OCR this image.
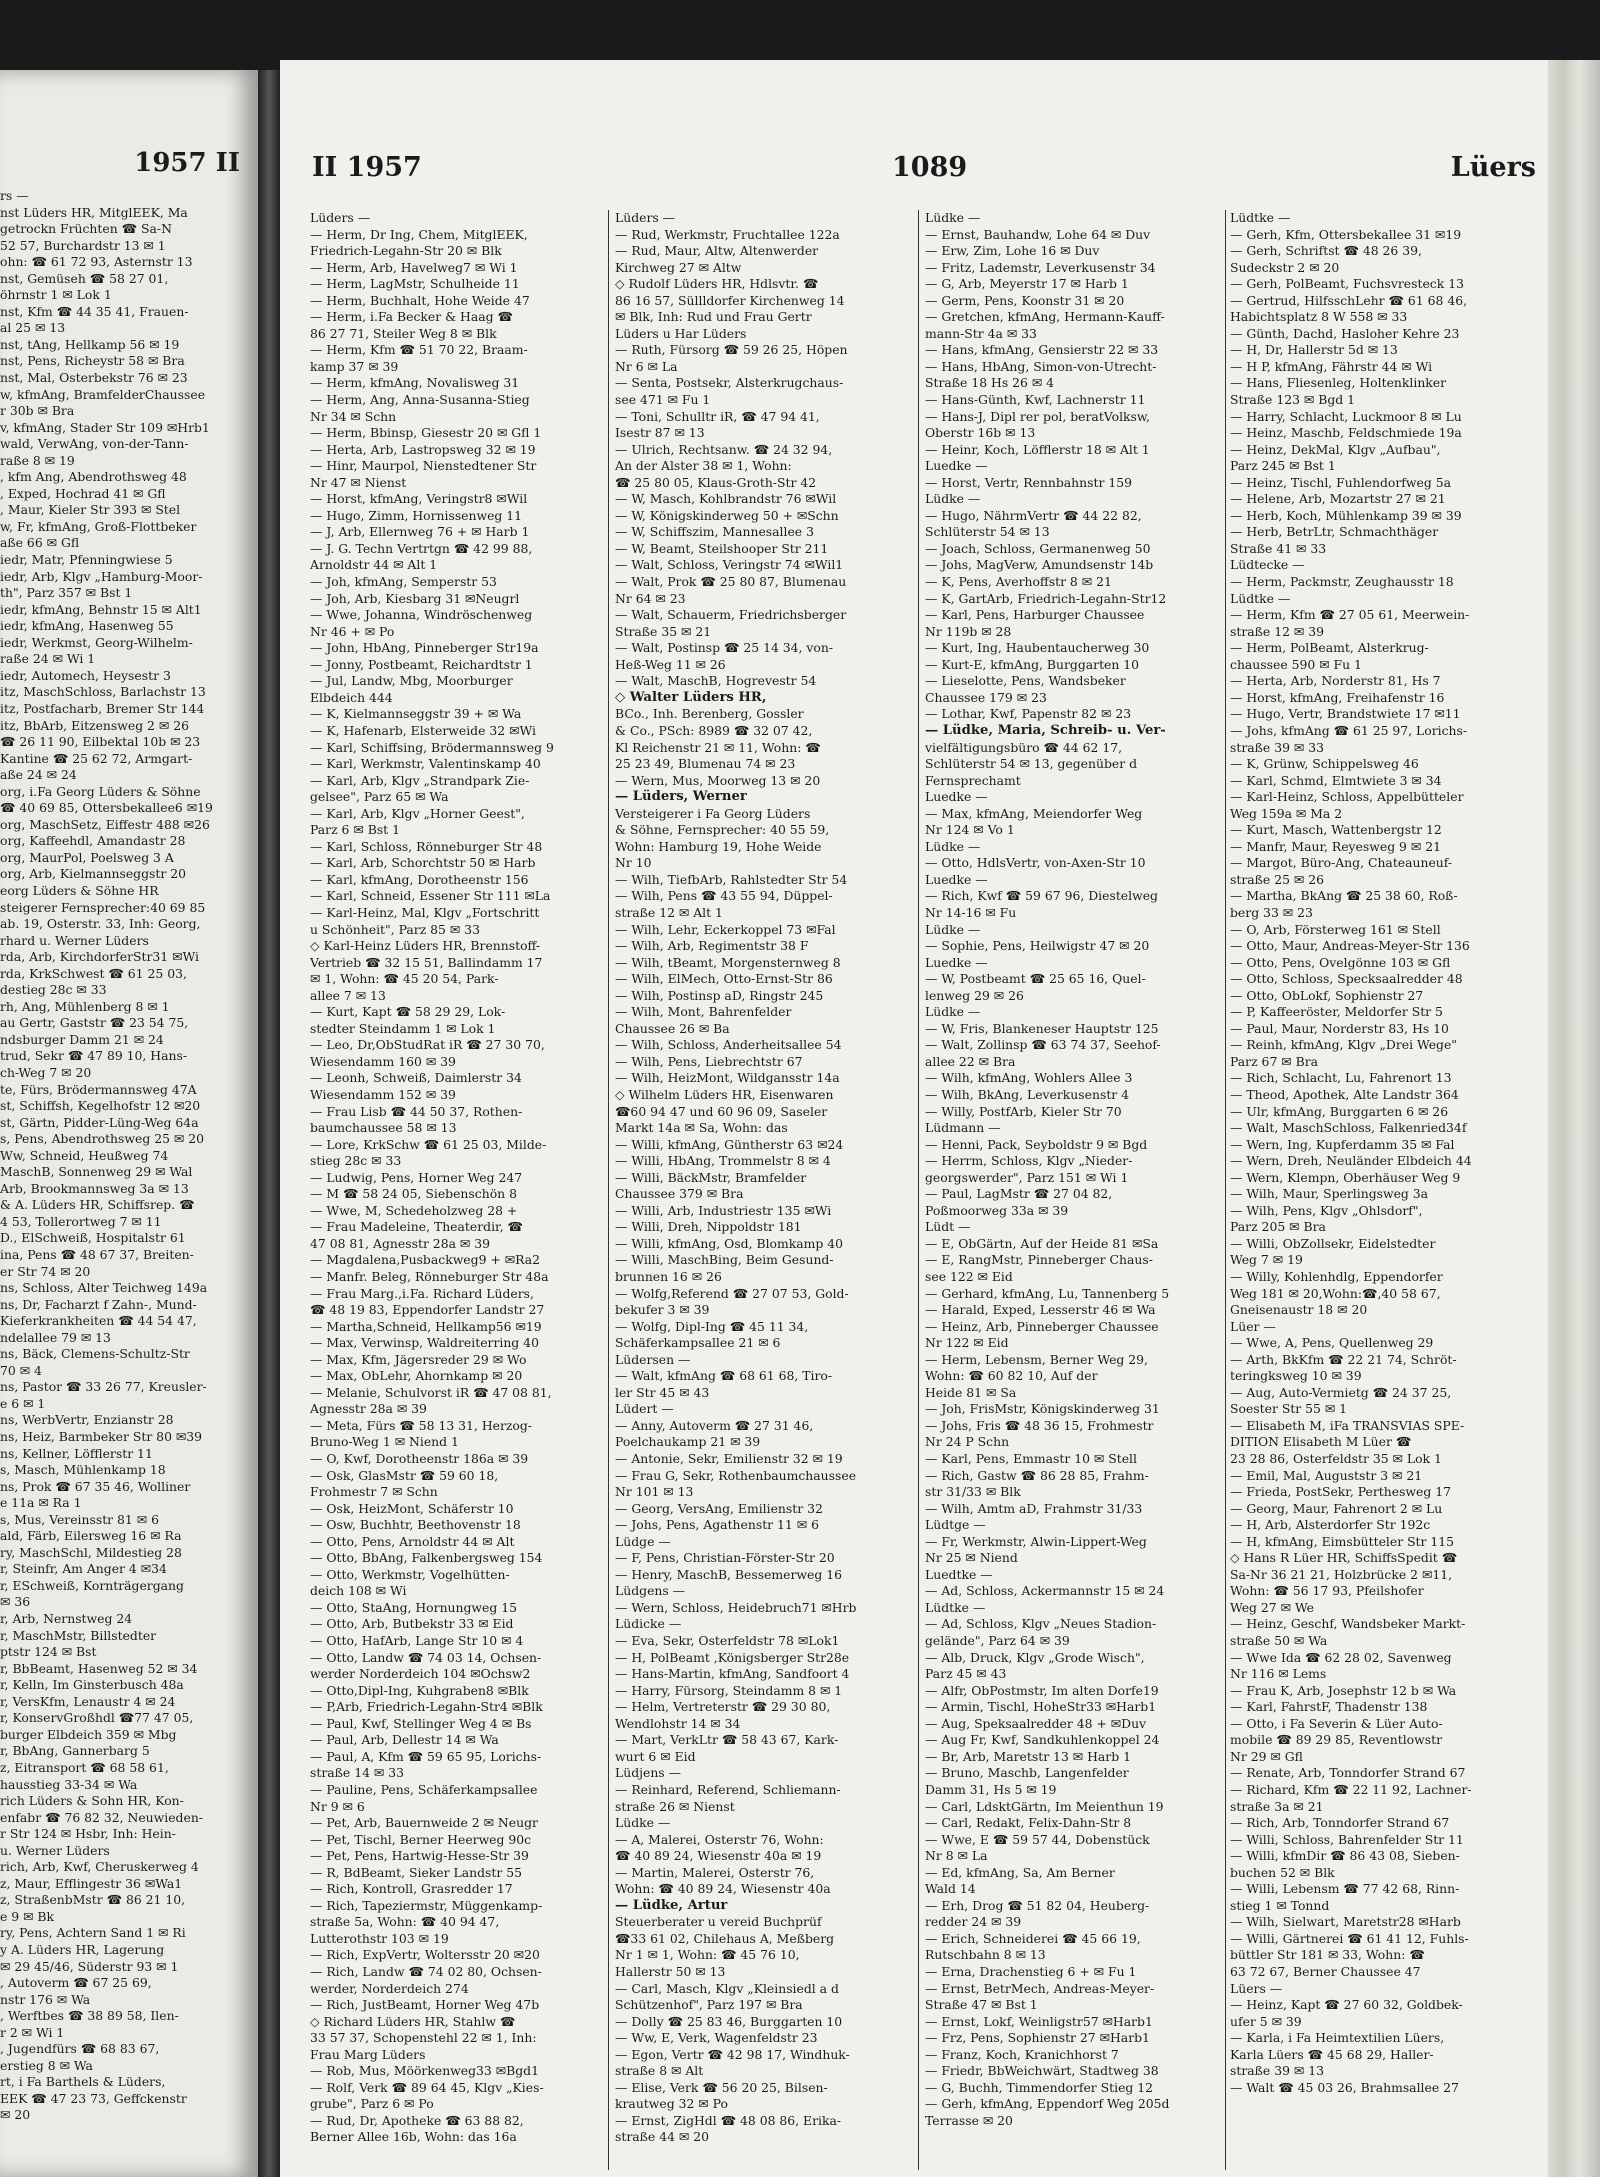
1957 II
rs —
nst Lüders HR, MitglEEK, Ma
getrockn Früchten ☎ Sa-N
52 57, Burchardstr 13 ✉ 1
ohn: ☎ 61 72 93, Asternstr 13
nst, Gemüseh ☎ 58 27 01,
öhrnstr 1 ✉ Lok 1
nst, Kfm ☎ 44 35 41, Frauen-
al 25 ✉ 13
nst, tAng, Hellkamp 56 ✉ 19
nst, Pens, Richeystr 58 ✉ Bra
nst, Mal, Osterbekstr 76 ✉ 23
w, kfmAng, BramfelderChaussee
r 30b ✉ Bra
v, kfmAng, Stader Str 109 ✉Hrb1
wald, VerwAng, von-der-Tann-
raße 8 ✉ 19
, kfm Ang, Abendrothsweg 48
, Exped, Hochrad 41 ✉ Gfl
, Maur, Kieler Str 393 ✉ Stel
w, Fr, kfmAng, Groß-Flottbeker
aße 66 ✉ Gfl
iedr, Matr, Pfenningwiese 5
iedr, Arb, Klgv „Hamburg-Moor-
th", Parz 357 ✉ Bst 1
iedr, kfmAng, Behnstr 15 ✉ Alt1
iedr, kfmAng, Hasenweg 55
iedr, Werkmst, Georg-Wilhelm-
raße 24 ✉ Wi 1
iedr, Automech, Heysestr 3
itz, MaschSchloss, Barlachstr 13
itz, Postfacharb, Bremer Str 144
itz, BbArb, Eitzensweg 2 ✉ 26
☎ 26 11 90, Eilbektal 10b ✉ 23
Kantine ☎ 25 62 72, Armgart-
aße 24 ✉ 24
org, i.Fa Georg Lüders & Söhne
☎ 40 69 85, Ottersbekallee6 ✉19
org, MaschSetz, Eiffestr 488 ✉26
org, Kaffeehdl, Amandastr 28
org, MaurPol, Poelsweg 3 A
org, Arb, Kielmannseggstr 20
eorg Lüders & Söhne HR
steigerer Fernsprecher:40 69 85
ab. 19, Osterstr. 33, Inh: Georg,
rhard u. Werner Lüders
rda, Arb, KirchdorferStr31 ✉Wi
rda, KrkSchwest ☎ 61 25 03,
destieg 28c ✉ 33
rh, Ang, Mühlenberg 8 ✉ 1
au Gertr, Gaststr ☎ 23 54 75,
ndsburger Damm 21 ✉ 24
trud, Sekr ☎ 47 89 10, Hans-
ch-Weg 7 ✉ 20
te, Fürs, Brödermannsweg 47A
st, Schiffsh, Kegelhofstr 12 ✉20
st, Gärtn, Pidder-Lüng-Weg 64a
s, Pens, Abendrothsweg 25 ✉ 20
Ww, Schneid, Heußweg 74
MaschB, Sonnenweg 29 ✉ Wal
Arb, Brookmannsweg 3a ✉ 13
& A. Lüders HR, Schiffsrep. ☎
4 53, Tollerortweg 7 ✉ 11
D., ElSchweiß, Hospitalstr 61
ina, Pens ☎ 48 67 37, Breiten-
er Str 74 ✉ 20
ns, Schloss, Alter Teichweg 149a
ns, Dr, Facharzt f Zahn-, Mund-
Kieferkrankheiten ☎ 44 54 47,
ndelallee 79 ✉ 13
ns, Bäck, Clemens-Schultz-Str
70 ✉ 4
ns, Pastor ☎ 33 26 77, Kreusler-
e 6 ✉ 1
ns, WerbVertr, Enzianstr 28
ns, Heiz, Barmbeker Str 80 ✉39
ns, Kellner, Löfflerstr 11
s, Masch, Mühlenkamp 18
ns, Prok ☎ 67 35 46, Wolliner
e 11a ✉ Ra 1
s, Mus, Vereinsstr 81 ✉ 6
ald, Färb, Eilersweg 16 ✉ Ra
ry, MaschSchl, Mildestieg 28
r, Steinfr, Am Anger 4 ✉34
r, ESchweiß, Kornträgergang
✉ 36
r, Arb, Nernstweg 24
r, MaschMstr, Billstedter
ptstr 124 ✉ Bst
r, BbBeamt, Hasenweg 52 ✉ 34
r, Kelln, Im Ginsterbusch 48a
r, VersKfm, Lenaustr 4 ✉ 24
r, KonservGroßhdl ☎77 47 05,
burger Elbdeich 359 ✉ Mbg
r, BbAng, Gannerbarg 5
z, Eitransport ☎ 68 58 61,
hausstieg 33-34 ✉ Wa
rich Lüders & Sohn HR, Kon-
enfabr ☎ 76 82 32, Neuwieden-
r Str 124 ✉ Hsbr, Inh: Hein-
u. Werner Lüders
rich, Arb, Kwf, Cheruskerweg 4
z, Maur, Efflingestr 36 ✉Wa1
z, StraßenbMstr ☎ 86 21 10,
e 9 ✉ Bk
ry, Pens, Achtern Sand 1 ✉ Ri
y A. Lüders HR, Lagerung
✉ 29 45/46, Süderstr 93 ✉ 1
, Autoverm ☎ 67 25 69,
nstr 176 ✉ Wa
, Werftbes ☎ 38 89 58, Ilen-
r 2 ✉ Wi 1
, Jugendfürs ☎ 68 83 67,
erstieg 8 ✉ Wa
rt, i Fa Barthels & Lüders,
EEK ☎ 47 23 73, Geffckenstr
✉ 20
II 1957	1089	Lüers
Lüders —
— Herm, Dr Ing, Chem, MitglEEK,
Friedrich-Legahn-Str 20 ✉ Blk
— Herm, Arb, Havelweg7 ✉ Wi 1
— Herm, LagMstr, Schulheide 11
— Herm, Buchhalt, Hohe Weide 47
— Herm, i.Fa Becker & Haag ☎
86 27 71, Steiler Weg 8 ✉ Blk
— Herm, Kfm ☎ 51 70 22, Braam-
kamp 37 ✉ 39
— Herm, kfmAng, Novalisweg 31
— Herm, Ang, Anna-Susanna-Stieg
Nr 34 ✉ Schn
— Herm, Bbinsp, Giesestr 20 ✉ Gfl 1
— Herta, Arb, Lastropsweg 32 ✉ 19
— Hinr, Maurpol, Nienstedtener Str
Nr 47 ✉ Nienst
— Horst, kfmAng, Veringstr8 ✉Wil
— Hugo, Zimm, Hornissenweg 11
— J, Arb, Ellernweg 76 + ✉ Harb 1
— J. G. Techn Vertrtgn ☎ 42 99 88,
Arnoldstr 44 ✉ Alt 1
— Joh, kfmAng, Semperstr 53
— Joh, Arb, Kiesbarg 31 ✉Neugrl
— Wwe, Johanna, Windröschenweg
Nr 46 + ✉ Po
— John, HbAng, Pinneberger Str19a
— Jonny, Postbeamt, Reichardtstr 1
— Jul, Landw, Mbg, Moorburger
Elbdeich 444
— K, Kielmannseggstr 39 + ✉ Wa
— K, Hafenarb, Elsterweide 32 ✉Wi
— Karl, Schiffsing, Brödermannsweg 9
— Karl, Werkmstr, Valentinskamp 40
— Karl, Arb, Klgv „Strandpark Zie-
gelsee", Parz 65 ✉ Wa
— Karl, Arb, Klgv „Horner Geest",
Parz 6 ✉ Bst 1
— Karl, Schloss, Rönneburger Str 48
— Karl, Arb, Schorchtstr 50 ✉ Harb
— Karl, kfmAng, Dorotheenstr 156
— Karl, Schneid, Essener Str 111 ✉La
— Karl-Heinz, Mal, Klgv „Fortschritt
u Schönheit", Parz 85 ✉ 33
◇ Karl-Heinz Lüders HR, Brennstoff-
Vertrieb ☎ 32 15 51, Ballindamm 17
✉ 1, Wohn: ☎ 45 20 54, Park-
allee 7 ✉ 13
— Kurt, Kapt ☎ 58 29 29, Lok-
stedter Steindamm 1 ✉ Lok 1
— Leo, Dr,ObStudRat iR ☎ 27 30 70,
Wiesendamm 160 ✉ 39
— Leonh, Schweiß, Daimlerstr 34
Wiesendamm 152 ✉ 39
— Frau Lisb ☎ 44 50 37, Rothen-
baumchaussee 58 ✉ 13
— Lore, KrkSchw ☎ 61 25 03, Milde-
stieg 28c ✉ 33
— Ludwig, Pens, Horner Weg 247
— M ☎ 58 24 05, Siebenschön 8
— Wwe, M, Schedeholzweg 28 +
— Frau Madeleine, Theaterdir, ☎
47 08 81, Agnesstr 28a ✉ 39
— Magdalena,Pusbackweg9 + ✉Ra2
— Manfr. Beleg, Rönneburger Str 48a
— Frau Marg.,i.Fa. Richard Lüders,
☎ 48 19 83, Eppendorfer Landstr 27
— Martha,Schneid, Hellkamp56 ✉19
— Max, Verwinsp, Waldreiterring 40
— Max, Kfm, Jägersreder 29 ✉ Wo
— Max, ObLehr, Ahornkamp ✉ 20
— Melanie, Schulvorst iR ☎ 47 08 81,
Agnesstr 28a ✉ 39
— Meta, Fürs ☎ 58 13 31, Herzog-
Bruno-Weg 1 ✉ Niend 1
— O, Kwf, Dorotheenstr 186a ✉ 39
— Osk, GlasMstr ☎ 59 60 18,
Frohmestr 7 ✉ Schn
— Osk, HeizMont, Schäferstr 10
— Osw, Buchhtr, Beethovenstr 18
— Otto, Pens, Arnoldstr 44 ✉ Alt
— Otto, BbAng, Falkenbergsweg 154
— Otto, Werkmstr, Vogelhütten-
deich 108 ✉ Wi
— Otto, StaAng, Hornungweg 15
— Otto, Arb, Butbekstr 33 ✉ Eid
— Otto, HafArb, Lange Str 10 ✉ 4
— Otto, Landw ☎ 74 03 14, Ochsen-
werder Norderdeich 104 ✉Ochsw2
— Otto,Dipl-Ing, Kuhgraben8 ✉Blk
— P,Arb, Friedrich-Legahn-Str4 ✉Blk
— Paul, Kwf, Stellinger Weg 4 ✉ Bs
— Paul, Arb, Dellestr 14 ✉ Wa
— Paul, A, Kfm ☎ 59 65 95, Lorichs-
straße 14 ✉ 33
— Pauline, Pens, Schäferkampsallee
Nr 9 ✉ 6
— Pet, Arb, Bauernweide 2 ✉ Neugr
— Pet, Tischl, Berner Heerweg 90c
— Pet, Pens, Hartwig-Hesse-Str 39
— R, BdBeamt, Sieker Landstr 55
— Rich, Kontroll, Grasredder 17
— Rich, Tapeziermstr, Müggenkamp-
straße 5a, Wohn: ☎ 40 94 47,
Lutterothstr 103 ✉ 19
— Rich, ExpVertr, Woltersstr 20 ✉20
— Rich, Landw ☎ 74 02 80, Ochsen-
werder, Norderdeich 274
— Rich, JustBeamt, Horner Weg 47b
◇ Richard Lüders HR, Stahlw ☎
33 57 37, Schopenstehl 22 ✉ 1, Inh:
Frau Marg Lüders
— Rob, Mus, Möörkenweg33 ✉Bgd1
— Rolf, Verk ☎ 89 64 45, Klgv „Kies-
grube", Parz 6 ✉ Po
— Rud, Dr, Apotheke ☎ 63 88 82,
Berner Allee 16b, Wohn: das 16a
Lüders —
— Rud, Werkmstr, Fruchtallee 122a
— Rud, Maur, Altw, Altenwerder
Kirchweg 27 ✉ Altw
◇ Rudolf Lüders HR, Hdlsvtr. ☎
86 16 57, Süllldorfer Kirchenweg 14
✉ Blk, Inh: Rud und Frau Gertr
Lüders u Har Lüders
— Ruth, Fürsorg ☎ 59 26 25, Höpen
Nr 6 ✉ La
— Senta, Postsekr, Alsterkrugchaus-
see 471 ✉ Fu 1
— Toni, Schulltr iR, ☎ 47 94 41,
Isestr 87 ✉ 13
— Ulrich, Rechtsanw. ☎ 24 32 94,
An der Alster 38 ✉ 1, Wohn:
☎ 25 80 05, Klaus-Groth-Str 42
— W, Masch, Kohlbrandstr 76 ✉Wil
— W, Königskinderweg 50 + ✉Schn
— W, Schiffszim, Mannesallee 3
— W, Beamt, Steilshooper Str 211
— Walt, Schloss, Veringstr 74 ✉Wil1
— Walt, Prok ☎ 25 80 87, Blumenau
Nr 64 ✉ 23
— Walt, Schauerm, Friedrichsberger
Straße 35 ✉ 21
— Walt, Postinsp ☎ 25 14 34, von-
Heß-Weg 11 ✉ 26
— Walt, MaschB, Hogrevestr 54
◇ Walter Lüders HR,
BCo., Inh. Berenberg, Gossler
& Co., PSch: 8989 ☎ 32 07 42,
Kl Reichenstr 21 ✉ 11, Wohn: ☎
25 23 49, Blumenau 74 ✉ 23
— Wern, Mus, Moorweg 13 ✉ 20
— Lüders, Werner
Versteigerer i Fa Georg Lüders
& Söhne, Fernsprecher: 40 55 59,
Wohn: Hamburg 19, Hohe Weide
Nr 10
— Wilh, TiefbArb, Rahlstedter Str 54
— Wilh, Pens ☎ 43 55 94, Düppel-
straße 12 ✉ Alt 1
— Wilh, Lehr, Eckerkoppel 73 ✉Fal
— Wilh, Arb, Regimentstr 38 F
— Wilh, tBeamt, Morgensternweg 8
— Wilh, ElMech, Otto-Ernst-Str 86
— Wilh, Postinsp aD, Ringstr 245
— Wilh, Mont, Bahrenfelder
Chaussee 26 ✉ Ba
— Wilh, Schloss, Anderheitsallee 54
— Wilh, Pens, Liebrechtstr 67
— Wilh, HeizMont, Wildgansstr 14a
◇ Wilhelm Lüders HR, Eisenwaren
☎60 94 47 und 60 96 09, Saseler
Markt 14a ✉ Sa, Wohn: das
— Willi, kfmAng, Güntherstr 63 ✉24
— Willi, HbAng, Trommelstr 8 ✉ 4
— Willi, BäckMstr, Bramfelder
Chaussee 379 ✉ Bra
— Willi, Arb, Industriestr 135 ✉Wi
— Willi, Dreh, Nippoldstr 181
— Willi, kfmAng, Osd, Blomkamp 40
— Willi, MaschBing, Beim Gesund-
brunnen 16 ✉ 26
— Wolfg,Referend ☎ 27 07 53, Gold-
bekufer 3 ✉ 39
— Wolfg, Dipl-Ing ☎ 45 11 34,
Schäferkampsallee 21 ✉ 6
Lüdersen —
— Walt, kfmAng ☎ 68 61 68, Tiro-
ler Str 45 ✉ 43
Lüdert —
— Anny, Autoverm ☎ 27 31 46,
Poelchaukamp 21 ✉ 39
— Antonie, Sekr, Emilienstr 32 ✉ 19
— Frau G, Sekr, Rothenbaumchaussee
Nr 101 ✉ 13
— Georg, VersAng, Emilienstr 32
— Johs, Pens, Agathenstr 11 ✉ 6
Lüdge —
— F, Pens, Christian-Förster-Str 20
— Henry, MaschB, Bessemerweg 16
Lüdgens —
— Wern, Schloss, Heidebruch71 ✉Hrb
Lüdicke —
— Eva, Sekr, Osterfeldstr 78 ✉Lok1
— H, PolBeamt ,Königsberger Str28e
— Hans-Martin, kfmAng, Sandfoort 4
— Harry, Fürsorg, Steindamm 8 ✉ 1
— Helm, Vertreterstr ☎ 29 30 80,
Wendlohstr 14 ✉ 34
— Mart, VerkLtr ☎ 58 43 67, Kark-
wurt 6 ✉ Eid
Lüdjens —
— Reinhard, Referend, Schliemann-
straße 26 ✉ Nienst
Lüdke —
— A, Malerei, Osterstr 76, Wohn:
☎ 40 89 24, Wiesenstr 40a ✉ 19
— Martin, Malerei, Osterstr 76,
Wohn: ☎ 40 89 24, Wiesenstr 40a
— Lüdke, Artur
Steuerberater u vereid Buchprüf
☎33 61 02, Chilehaus A, Meßberg
Nr 1 ✉ 1, Wohn: ☎ 45 76 10,
Hallerstr 50 ✉ 13
— Carl, Masch, Klgv „Kleinsiedl a d
Schützenhof", Parz 197 ✉ Bra
— Dolly ☎ 25 83 46, Burggarten 10
— Ww, E, Verk, Wagenfeldstr 23
— Egon, Vertr ☎ 42 98 17, Windhuk-
straße 8 ✉ Alt
— Elise, Verk ☎ 56 20 25, Bilsen-
krautweg 32 ✉ Po
— Ernst, ZigHdl ☎ 48 08 86, Erika-
straße 44 ✉ 20
Lüdke —
— Ernst, Bauhandw, Lohe 64 ✉ Duv
— Erw, Zim, Lohe 16 ✉ Duv
— Fritz, Lademstr, Leverkusenstr 34
— G, Arb, Meyerstr 17 ✉ Harb 1
— Germ, Pens, Koonstr 31 ✉ 20
— Gretchen, kfmAng, Hermann-Kauff-
mann-Str 4a ✉ 33
— Hans, kfmAng, Gensierstr 22 ✉ 33
— Hans, HbAng, Simon-von-Utrecht-
Straße 18 Hs 26 ✉ 4
— Hans-Günth, Kwf, Lachnerstr 11
— Hans-J, Dipl rer pol, beratVolksw,
Oberstr 16b ✉ 13
— Heinr, Koch, Löfflerstr 18 ✉ Alt 1
Luedke —
— Horst, Vertr, Rennbahnstr 159
Lüdke —
— Hugo, NährmVertr ☎ 44 22 82,
Schlüterstr 54 ✉ 13
— Joach, Schloss, Germanenweg 50
— Johs, MagVerw, Amundsenstr 14b
— K, Pens, Averhoffstr 8 ✉ 21
— K, GartArb, Friedrich-Legahn-Str12
— Karl, Pens, Harburger Chaussee
Nr 119b ✉ 28
— Kurt, Ing, Haubentaucherweg 30
— Kurt-E, kfmAng, Burggarten 10
— Lieselotte, Pens, Wandsbeker
Chaussee 179 ✉ 23
— Lothar, Kwf, Papenstr 82 ✉ 23
— Lüdke, Maria, Schreib- u. Ver-
vielfältigungsbüro ☎ 44 62 17,
Schlüterstr 54 ✉ 13, gegenüber d
Fernsprechamt
Luedke —
— Max, kfmAng, Meiendorfer Weg
Nr 124 ✉ Vo 1
Lüdke —
— Otto, HdlsVertr, von-Axen-Str 10
Luedke —
— Rich, Kwf ☎ 59 67 96, Diestelweg
Nr 14-16 ✉ Fu
Lüdke —
— Sophie, Pens, Heilwigstr 47 ✉ 20
Luedke —
— W, Postbeamt ☎ 25 65 16, Quel-
lenweg 29 ✉ 26
Lüdke —
— W, Fris, Blankeneser Hauptstr 125
— Walt, Zollinsp ☎ 63 74 37, Seehof-
allee 22 ✉ Bra
— Wilh, kfmAng, Wohlers Allee 3
— Wilh, BkAng, Leverkusenstr 4
— Willy, PostfArb, Kieler Str 70
Lüdmann —
— Henni, Pack, Seyboldstr 9 ✉ Bgd
— Herrm, Schloss, Klgv „Nieder-
georgswerder", Parz 151 ✉ Wi 1
— Paul, LagMstr ☎ 27 04 82,
Poßmoorweg 33a ✉ 39
Lüdt —
— E, ObGärtn, Auf der Heide 81 ✉Sa
— E, RangMstr, Pinneberger Chaus-
see 122 ✉ Eid
— Gerhard, kfmAng, Lu, Tannenberg 5
— Harald, Exped, Lesserstr 46 ✉ Wa
— Heinz, Arb, Pinneberger Chaussee
Nr 122 ✉ Eid
— Herm, Lebensm, Berner Weg 29,
Wohn: ☎ 60 82 10, Auf der
Heide 81 ✉ Sa
— Joh, FrisMstr, Königskinderweg 31
— Johs, Fris ☎ 48 36 15, Frohmestr
Nr 24 P Schn
— Karl, Pens, Emmastr 10 ✉ Stell
— Rich, Gastw ☎ 86 28 85, Frahm-
str 31/33 ✉ Blk
— Wilh, Amtm aD, Frahmstr 31/33
Lüdtge —
— Fr, Werkmstr, Alwin-Lippert-Weg
Nr 25 ✉ Niend
Luedtke —
— Ad, Schloss, Ackermannstr 15 ✉ 24
Lüdtke —
— Ad, Schloss, Klgv „Neues Stadion-
gelände", Parz 64 ✉ 39
— Alb, Druck, Klgv „Grode Wisch",
Parz 45 ✉ 43
— Alfr, ObPostmstr, Im alten Dorfe19
— Armin, Tischl, HoheStr33 ✉Harb1
— Aug, Speksaalredder 48 + ✉Duv
— Aug Fr, Kwf, Sandkuhlenkoppel 24
— Br, Arb, Maretstr 13 ✉ Harb 1
— Bruno, Maschb, Langenfelder
Damm 31, Hs 5 ✉ 19
— Carl, LdsktGärtn, Im Meienthun 19
— Carl, Redakt, Felix-Dahn-Str 8
— Wwe, E ☎ 59 57 44, Dobenstück
Nr 8 ✉ La
— Ed, kfmAng, Sa, Am Berner
Wald 14
— Erh, Drog ☎ 51 82 04, Heuberg-
redder 24 ✉ 39
— Erich, Schneiderei ☎ 45 66 19,
Rutschbahn 8 ✉ 13
— Erna, Drachenstieg 6 + ✉ Fu 1
— Ernst, BetrMech, Andreas-Meyer-
Straße 47 ✉ Bst 1
— Ernst, Lokf, Weinligstr57 ✉Harb1
— Frz, Pens, Sophienstr 27 ✉Harb1
— Franz, Koch, Kranichhorst 7
— Friedr, BbWeichwärt, Stadtweg 38
— G, Buchh, Timmendorfer Stieg 12
— Gerh, kfmAng, Eppendorf Weg 205d
Terrasse ✉ 20
Lüdtke —
— Gerh, Kfm, Ottersbekallee 31 ✉19
— Gerh, Schriftst ☎ 48 26 39,
Sudeckstr 2 ✉ 20
— Gerh, PolBeamt, Fuchsvresteck 13
— Gertrud, HilfsschLehr ☎ 61 68 46,
Habichtsplatz 8 W 558 ✉ 33
— Günth, Dachd, Hasloher Kehre 23
— H, Dr, Hallerstr 5d ✉ 13
— H P, kfmAng, Fährstr 44 ✉ Wi
— Hans, Fliesenleg, Holtenklinker
Straße 123 ✉ Bgd 1
— Harry, Schlacht, Luckmoor 8 ✉ Lu
— Heinz, Maschb, Feldschmiede 19a
— Heinz, DekMal, Klgv „Aufbau",
Parz 245 ✉ Bst 1
— Heinz, Tischl, Fuhlendorfweg 5a
— Helene, Arb, Mozartstr 27 ✉ 21
— Herb, Koch, Mühlenkamp 39 ✉ 39
— Herb, BetrLtr, Schmachthäger
Straße 41 ✉ 33
Lüdtecke —
— Herm, Packmstr, Zeughausstr 18
Lüdtke —
— Herm, Kfm ☎ 27 05 61, Meerwein-
straße 12 ✉ 39
— Herm, PolBeamt, Alsterkrug-
chaussee 590 ✉ Fu 1
— Herta, Arb, Norderstr 81, Hs 7
— Horst, kfmAng, Freihafenstr 16
— Hugo, Vertr, Brandstwiete 17 ✉11
— Johs, kfmAng ☎ 61 25 97, Lorichs-
straße 39 ✉ 33
— K, Grünw, Schippelsweg 46
— Karl, Schmd, Elmtwiete 3 ✉ 34
— Karl-Heinz, Schloss, Appelbütteler
Weg 159a ✉ Ma 2
— Kurt, Masch, Wattenbergstr 12
— Manfr, Maur, Reyesweg 9 ✉ 21
— Margot, Büro-Ang, Chateauneuf-
straße 25 ✉ 26
— Martha, BkAng ☎ 25 38 60, Roß-
berg 33 ✉ 23
— O, Arb, Försterweg 161 ✉ Stell
— Otto, Maur, Andreas-Meyer-Str 136
— Otto, Pens, Ovelgönne 103 ✉ Gfl
— Otto, Schloss, Specksaalredder 48
— Otto, ObLokf, Sophienstr 27
— P, Kaffeeröster, Meldorfer Str 5
— Paul, Maur, Norderstr 83, Hs 10
— Reinh, kfmAng, Klgv „Drei Wege"
Parz 67 ✉ Bra
— Rich, Schlacht, Lu, Fahrenort 13
— Theod, Apothek, Alte Landstr 364
— Ulr, kfmAng, Burggarten 6 ✉ 26
— Walt, MaschSchloss, Falkenried34f
— Wern, Ing, Kupferdamm 35 ✉ Fal
— Wern, Dreh, Neuländer Elbdeich 44
— Wern, Klempn, Oberhäuser Weg 9
— Wilh, Maur, Sperlingsweg 3a
— Wilh, Pens, Klgv „Ohlsdorf",
Parz 205 ✉ Bra
— Willi, ObZollsekr, Eidelstedter
Weg 7 ✉ 19
— Willy, Kohlenhdlg, Eppendorfer
Weg 181 ✉ 20,Wohn:☎,40 58 67,
Gneisenaustr 18 ✉ 20
Lüer —
— Wwe, A, Pens, Quellenweg 29
— Arth, BkKfm ☎ 22 21 74, Schröt-
teringksweg 10 ✉ 39
— Aug, Auto-Vermietg ☎ 24 37 25,
Soester Str 55 ✉ 1
— Elisabeth M, iFa TRANSVIAS SPE-
DITION Elisabeth M Lüer ☎
23 28 86, Osterfeldstr 35 ✉ Lok 1
— Emil, Mal, Auguststr 3 ✉ 21
— Frieda, PostSekr, Perthesweg 17
— Georg, Maur, Fahrenort 2 ✉ Lu
— H, Arb, Alsterdorfer Str 192c
— H, kfmAng, Eimsbütteler Str 115
◇ Hans R Lüer HR, SchiffsSpedit ☎
Sa-Nr 36 21 21, Holzbrücke 2 ✉11,
Wohn: ☎ 56 17 93, Pfeilshofer
Weg 27 ✉ We
— Heinz, Geschf, Wandsbeker Markt-
straße 50 ✉ Wa
— Wwe Ida ☎ 62 28 02, Savenweg
Nr 116 ✉ Lems
— Frau K, Arb, Josephstr 12 b ✉ Wa
— Karl, FahrstF, Thadenstr 138
— Otto, i Fa Severin & Lüer Auto-
mobile ☎ 89 29 85, Reventlowstr
Nr 29 ✉ Gfl
— Renate, Arb, Tonndorfer Strand 67
— Richard, Kfm ☎ 22 11 92, Lachner-
straße 3a ✉ 21
— Rich, Arb, Tonndorfer Strand 67
— Willi, Schloss, Bahrenfelder Str 11
— Willi, kfmDir ☎ 86 43 08, Sieben-
buchen 52 ✉ Blk
— Willi, Lebensm ☎ 77 42 68, Rinn-
stieg 1 ✉ Tonnd
— Wilh, Sielwart, Maretstr28 ✉Harb
— Willi, Gärtnerei ☎ 61 41 12, Fuhls-
büttler Str 181 ✉ 33, Wohn: ☎
63 72 67, Berner Chaussee 47
Lüers —
— Heinz, Kapt ☎ 27 60 32, Goldbek-
ufer 5 ✉ 39
— Karla, i Fa Heimtextilien Lüers,
Karla Lüers ☎ 45 68 29, Haller-
straße 39 ✉ 13
— Walt ☎ 45 03 26, Brahmsallee 27
